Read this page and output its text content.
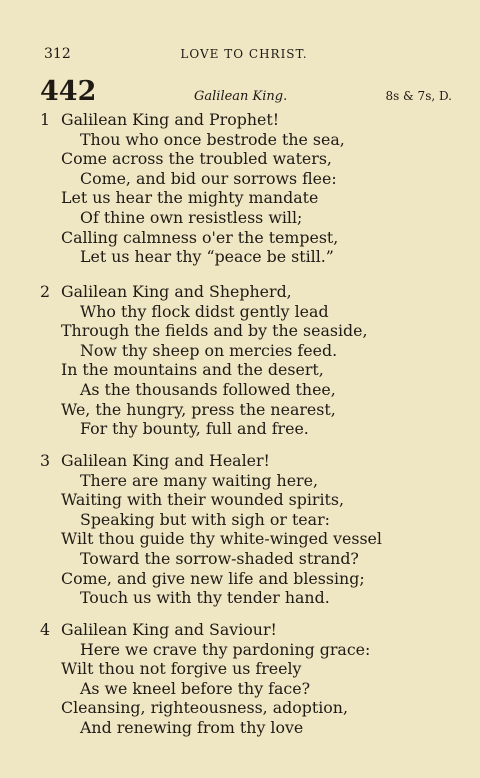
312	LOVE TO CHRIST.
442	Galilean King.	8s & 7s, D.
1 Galilean King and Prophet!
Thou who once bestrode the sea,
Come across the troubled waters,
Come, and bid our sorrows flee:
Let us hear the mighty mandate
Of thine own resistless will;
Calling calmness o'er the tempest,
Let us hear thy “peace be still.”
2 Galilean King and Shepherd,
Who thy flock didst gently lead
Through the fields and by the seaside,
Now thy sheep on mercies feed.
In the mountains and the desert,
As the thousands followed thee,
We, the hungry, press the nearest,
For thy bounty, full and free.
3 Galilean King and Healer!
There are many waiting here,
Waiting with their wounded spirits,
Speaking but with sigh or tear:
Wilt thou guide thy white-winged vessel
Toward the sorrow-shaded strand?
Come, and give new life and blessing;
Touch us with thy tender hand.
4 Galilean King and Saviour!
Here we crave thy pardoning grace:
Wilt thou not forgive us freely
As we kneel before thy face?
Cleansing, righteousness, adoption,
And renewing from thy love
